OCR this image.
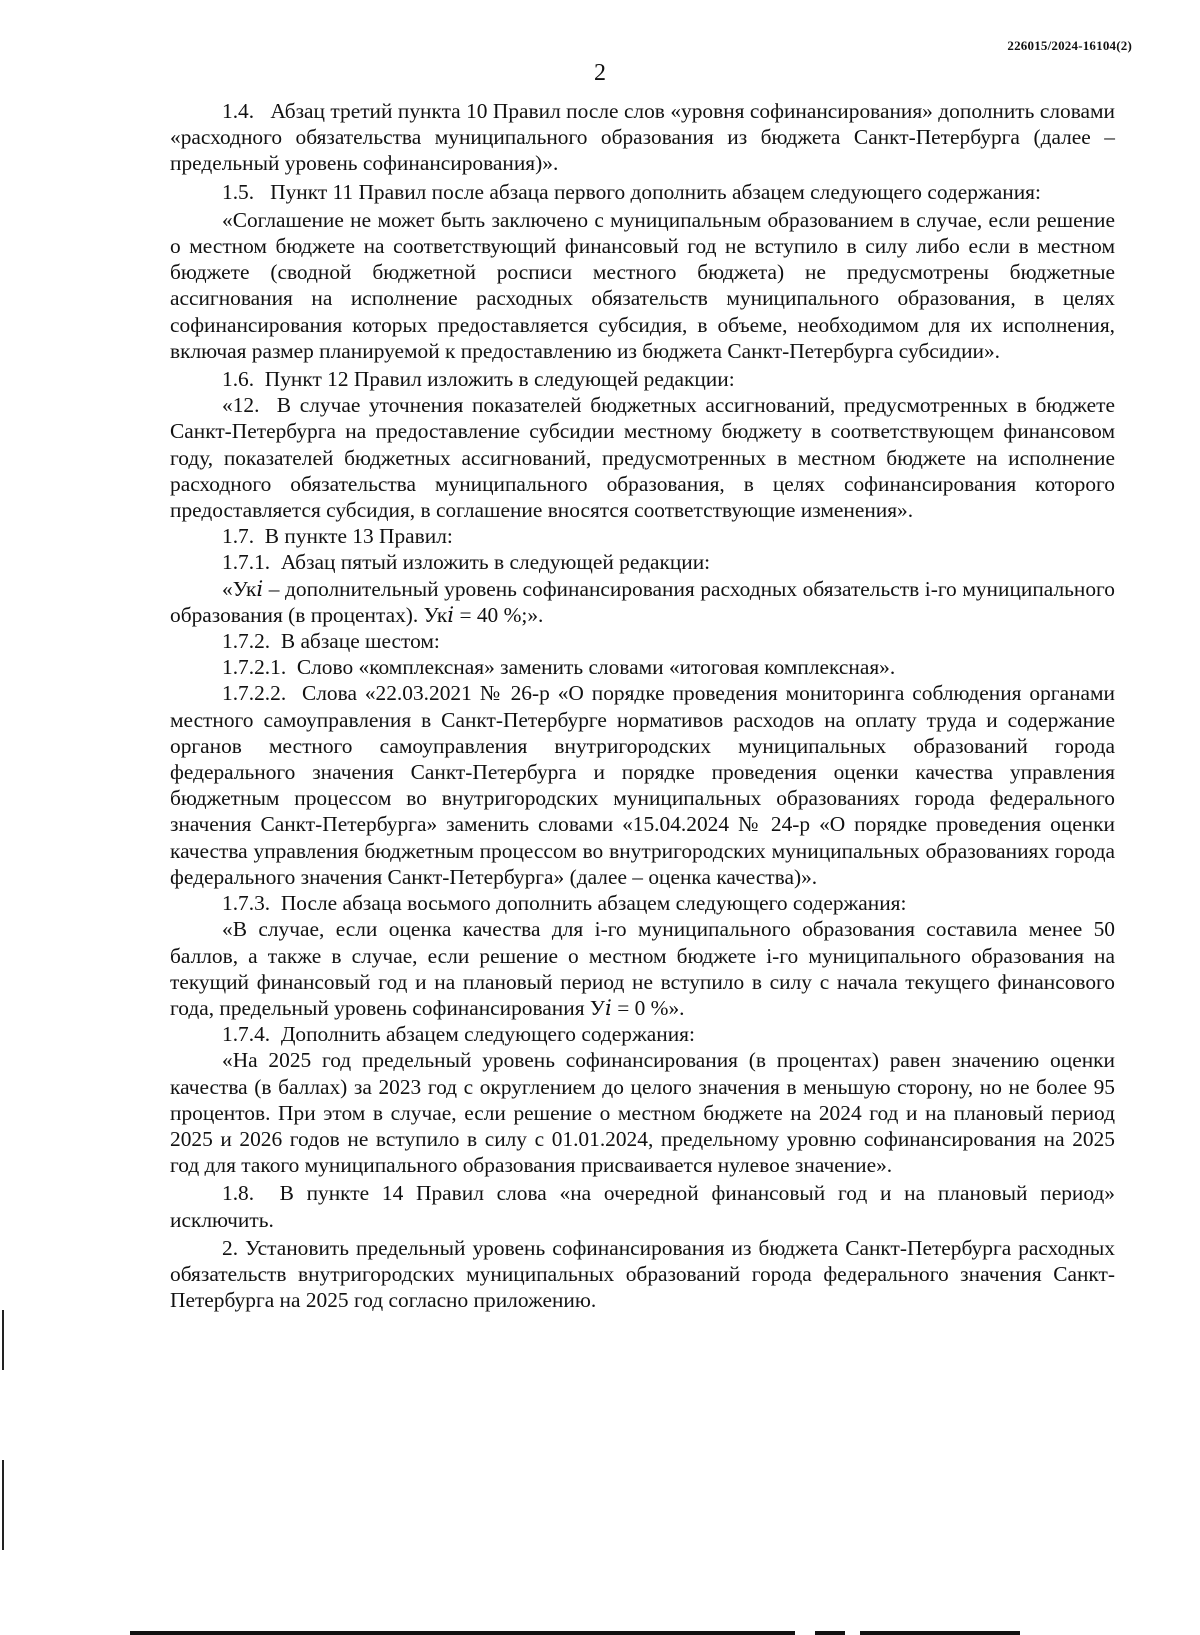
226015/2024-16104(2)
2

1.4.   Абзац третий пункта 10 Правил после слов «уровня софинансирования» дополнить словами «расходного обязательства муниципального образования из бюджета Санкт-Петербурга (далее – предельный уровень софинансирования)».

1.5.   Пункт 11 Правил после абзаца первого дополнить абзацем следующего содержания:

«Соглашение не может быть заключено с муниципальным образованием в случае, если решение о местном бюджете на соответствующий финансовый год не вступило в силу либо если в местном бюджете (сводной бюджетной росписи местного бюджета) не предусмотрены бюджетные ассигнования на исполнение расходных обязательств муниципального образования, в целях софинансирования которых предоставляется субсидия, в объеме, необходимом для их исполнения, включая размер планируемой к предоставлению из бюджета Санкт-Петербурга субсидии».

1.6.  Пункт 12 Правил изложить в следующей редакции:

«12.  В случае уточнения показателей бюджетных ассигнований, предусмотренных в бюджете Санкт-Петербурга на предоставление субсидии местному бюджету в соответствующем финансовом году, показателей бюджетных ассигнований, предусмотренных в местном бюджете на исполнение расходного обязательства муниципального образования, в целях софинансирования которого предоставляется субсидия, в соглашение вносятся соответствующие изменения».

1.7.  В пункте 13 Правил:

1.7.1.  Абзац пятый изложить в следующей редакции:

«Ук𝑖 – дополнительный уровень софинансирования расходных обязательств i-го муниципального образования (в процентах). Ук𝑖 = 40 %;».

1.7.2.  В абзаце шестом:

1.7.2.1.  Слово «комплексная» заменить словами «итоговая комплексная».

1.7.2.2.  Слова «22.03.2021 № 26-р «О порядке проведения мониторинга соблюдения органами местного самоуправления в Санкт-Петербурге нормативов расходов на оплату труда и содержание органов местного самоуправления внутригородских муниципальных образований города федерального значения Санкт-Петербурга и порядке проведения оценки качества управления бюджетным процессом во внутригородских муниципальных образованиях города федерального значения Санкт-Петербурга» заменить словами «15.04.2024 № 24-р «О порядке проведения оценки качества управления бюджетным процессом во внутригородских муниципальных образованиях города федерального значения Санкт-Петербурга» (далее – оценка качества)».

1.7.3.  После абзаца восьмого дополнить абзацем следующего содержания:

«В случае, если оценка качества для i-го муниципального образования составила менее 50 баллов, а также в случае, если решение о местном бюджете i-го муниципального образования на текущий финансовый год и на плановый период не вступило в силу с начала текущего финансового года, предельный уровень софинансирования У𝑖 = 0 %».

1.7.4.  Дополнить абзацем следующего содержания:

«На 2025 год предельный уровень софинансирования (в процентах) равен значению оценки качества (в баллах) за 2023 год с округлением до целого значения в меньшую сторону, но не более 95 процентов. При этом в случае, если решение о местном бюджете на 2024 год и на плановый период 2025 и 2026 годов не вступило в силу с 01.01.2024, предельному уровню софинансирования на 2025 год для такого муниципального образования присваивается нулевое значение».

1.8.  В пункте 14 Правил слова «на очередной финансовый год и на плановый период» исключить.

2. Установить предельный уровень софинансирования из бюджета Санкт-Петербурга расходных обязательств внутригородских муниципальных образований города федерального значения Санкт-Петербурга на 2025 год согласно приложению.
